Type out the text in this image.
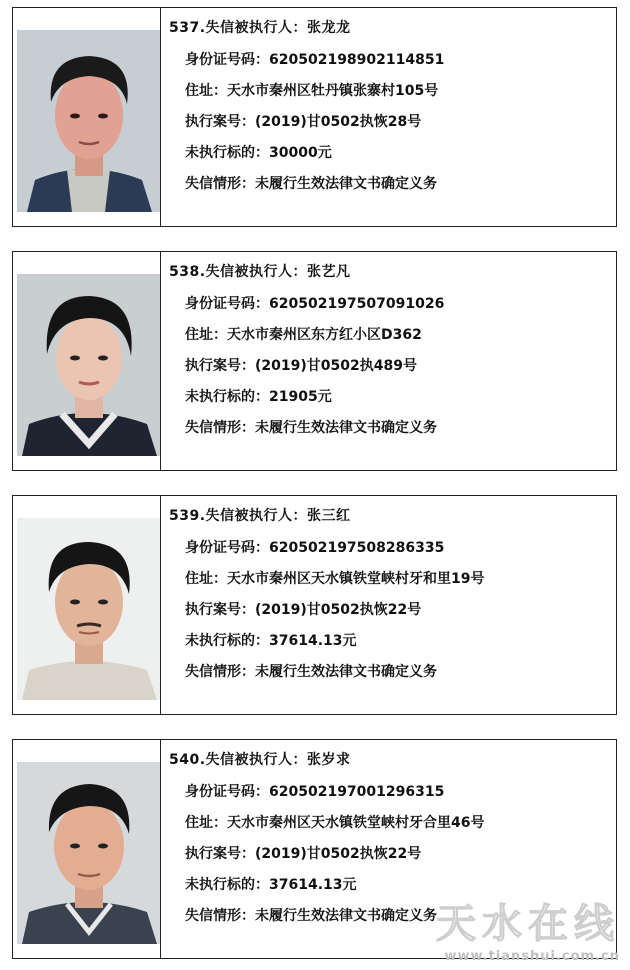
537.失信被执行人：张龙龙
身份证号码：620502198902114851
住址：天水市秦州区牡丹镇张寨村105号
执行案号：(2019)甘0502执恢28号
未执行标的：30000元
失信情形：未履行生效法律文书确定义务
538.失信被执行人：张艺凡
身份证号码：620502197507091026
住址：天水市秦州区东方红小区D362
执行案号：(2019)甘0502执489号
未执行标的：21905元
失信情形：未履行生效法律文书确定义务
539.失信被执行人：张三红
身份证号码：620502197508286335
住址：天水市秦州区天水镇铁堂峡村牙和里19号
执行案号：(2019)甘0502执恢22号
未执行标的：37614.13元
失信情形：未履行生效法律文书确定义务
540.失信被执行人：张岁求
身份证号码：620502197001296315
住址：天水市秦州区天水镇铁堂峡村牙合里46号
执行案号：(2019)甘0502执恢22号
未执行标的：37614.13元
失信情形：未履行生效法律文书确定义务 天水在线
www.tianshui.com.cn
